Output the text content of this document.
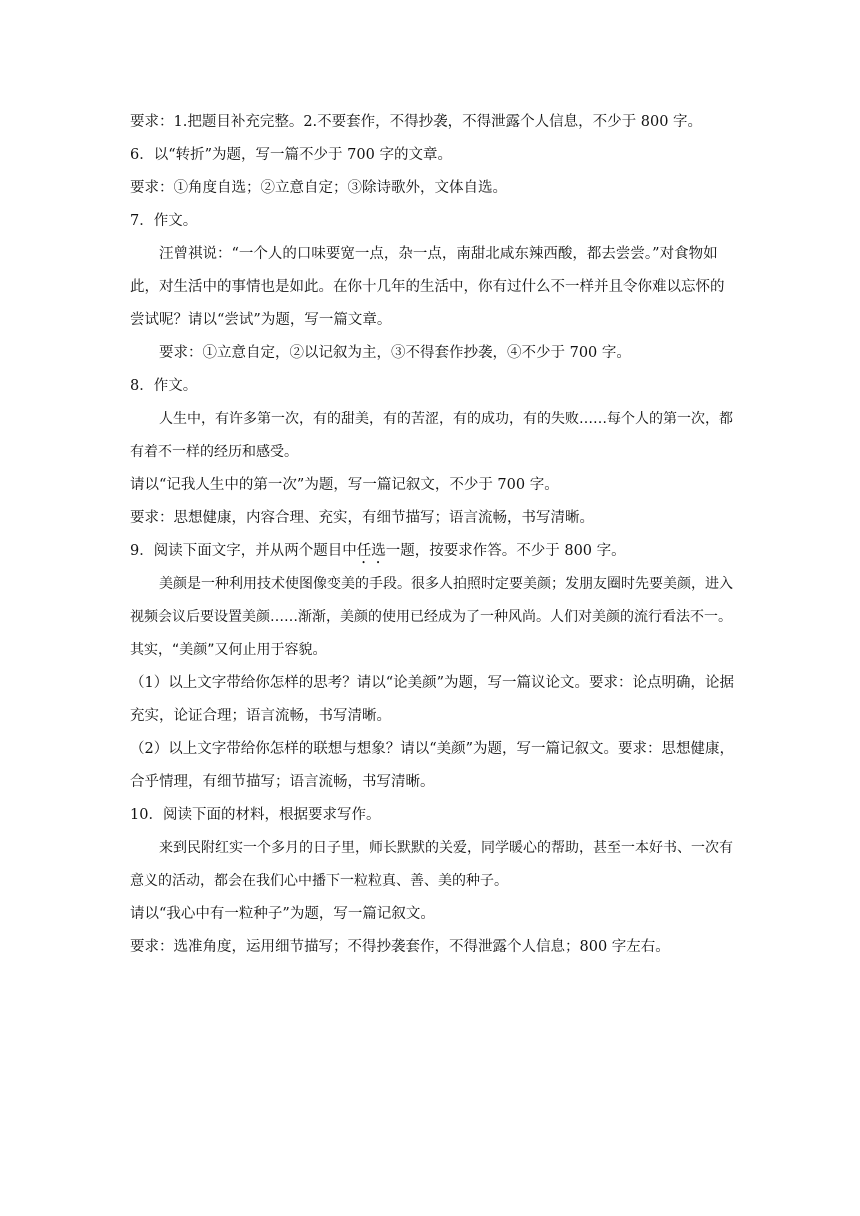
要求：1.把题目补充完整。2.不要套作，不得抄袭，不得泄露个人信息，不少于 800 字。

6．以“转折”为题，写一篇不少于 700 字的文章。

要求：①角度自选；②立意自定；③除诗歌外，文体自选。

7．作文。

汪曾祺说：“一个人的口味要宽一点，杂一点，南甜北咸东辣西酸，都去尝尝。”对食物如此，对生活中的事情也是如此。在你十几年的生活中，你有过什么不一样并且令你难以忘怀的尝试呢？请以“尝试”为题，写一篇文章。

要求：①立意自定，②以记叙为主，③不得套作抄袭，④不少于 700 字。

8．作文。

人生中，有许多第一次，有的甜美，有的苦涩，有的成功，有的失败……每个人的第一次，都有着不一样的经历和感受。

请以“记我人生中的第一次”为题，写一篇记叙文，不少于 700 字。

要求：思想健康，内容合理、充实，有细节描写；语言流畅，书写清晰。

9．阅读下面文字，并从两个题目中任选一题，按要求作答。不少于 800 字。

美颜是一种利用技术使图像变美的手段。很多人拍照时定要美颜；发朋友圈时先要美颜，进入视频会议后要设置美颜……渐渐，美颜的使用已经成为了一种风尚。人们对美颜的流行看法不一。其实，“美颜”又何止用于容貌。

（1）以上文字带给你怎样的思考？请以“论美颜”为题，写一篇议论文。要求：论点明确，论据充实，论证合理；语言流畅，书写清晰。

（2）以上文字带给你怎样的联想与想象？请以“美颜”为题，写一篇记叙文。要求：思想健康，合乎情理，有细节描写；语言流畅，书写清晰。

10．阅读下面的材料，根据要求写作。

来到民附红实一个多月的日子里，师长默默的关爱，同学暖心的帮助，甚至一本好书、一次有意义的活动，都会在我们心中播下一粒粒真、善、美的种子。

请以“我心中有一粒种子”为题，写一篇记叙文。

要求：选准角度，运用细节描写；不得抄袭套作，不得泄露个人信息；800 字左右。
